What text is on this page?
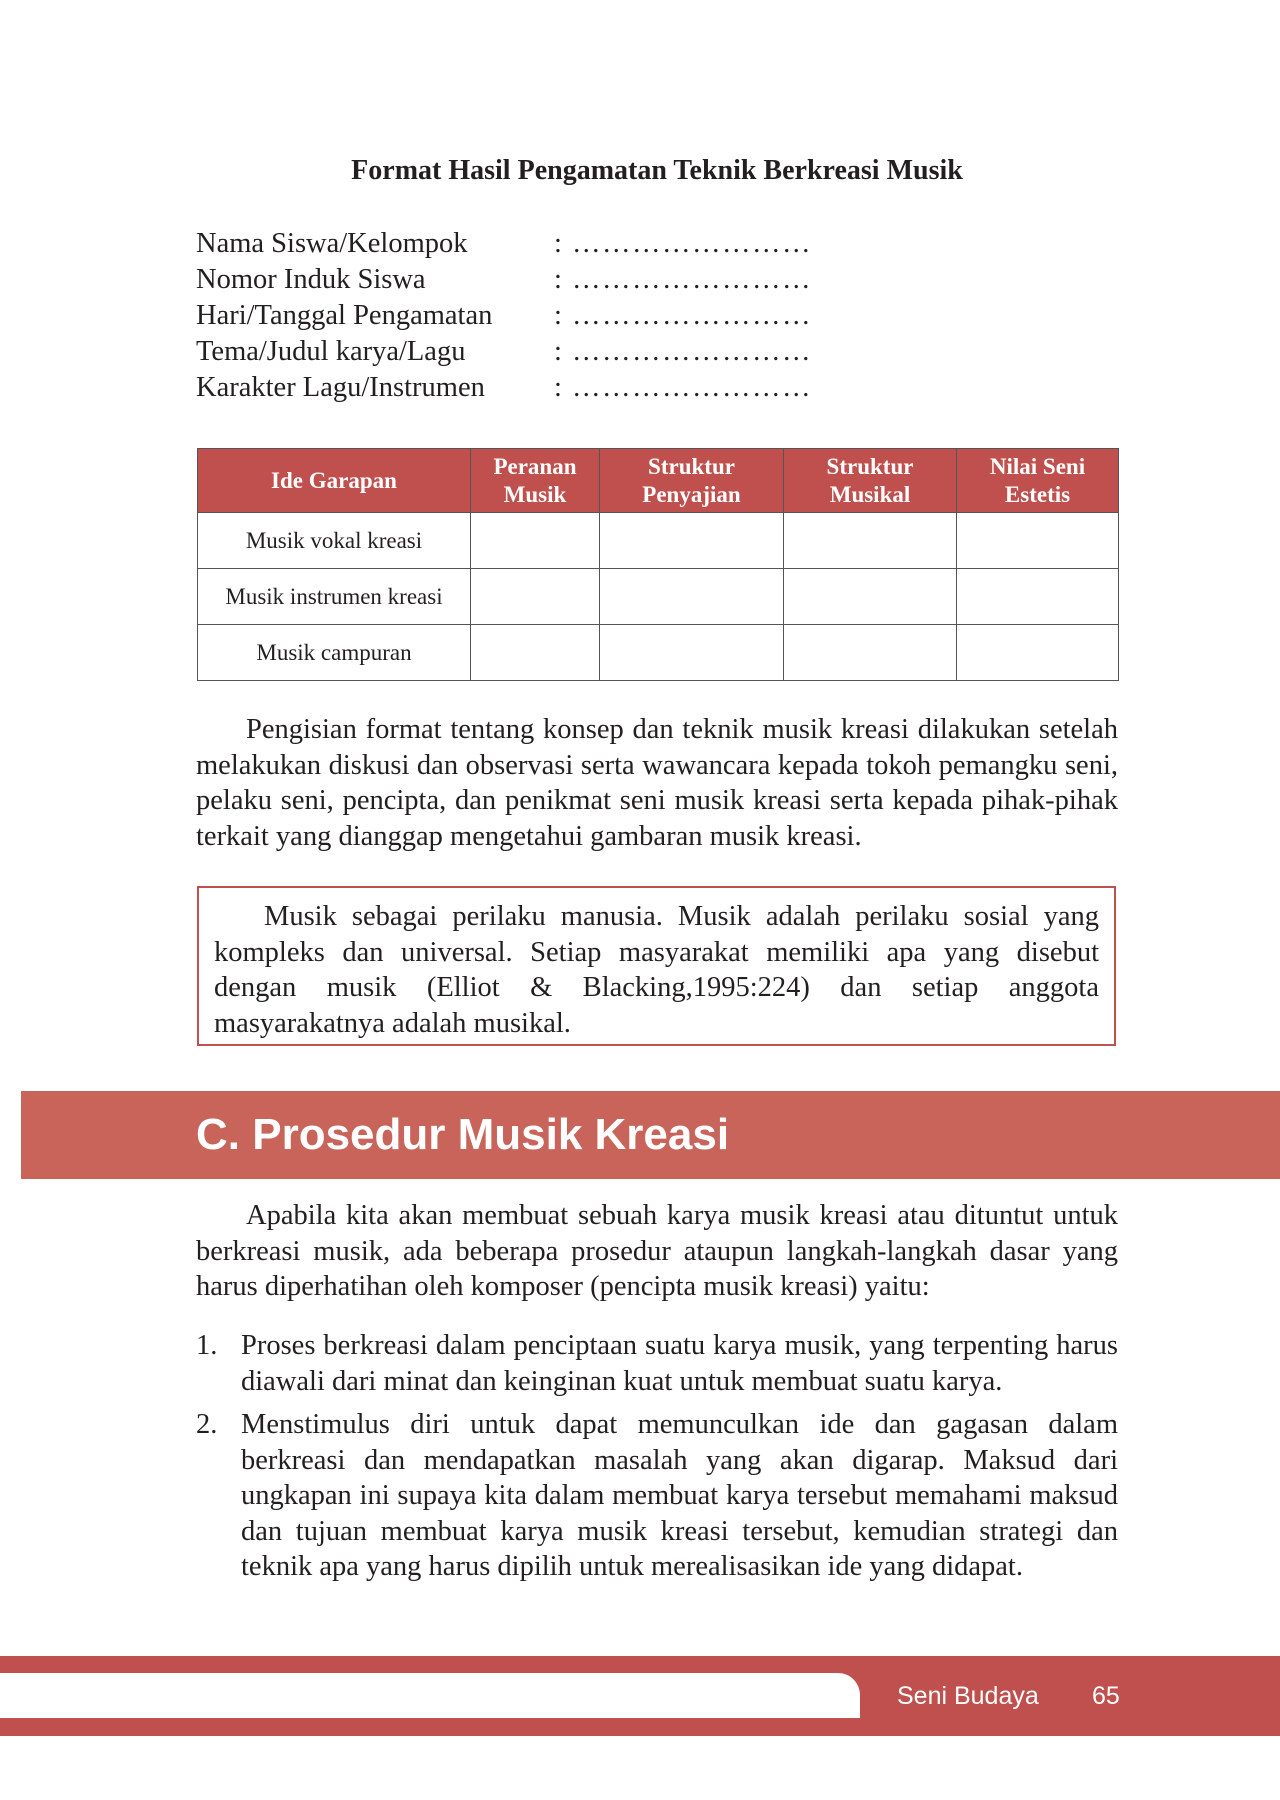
Format Hasil Pengamatan Teknik Berkreasi Musik
Nama Siswa/Kelompok	: ……………………
Nomor Induk Siswa	: ……………………
Hari/Tanggal Pengamatan	: ……………………
Tema/Judul karya/Lagu	: ……………………
Karakter Lagu/Instrumen	: ……………………
Ide Garapan	Peranan Musik	Struktur Penyajian	Struktur Musikal	Nilai Seni Estetis
Musik vokal kreasi				
Musik instrumen kreasi				
Musik campuran				
Pengisian format tentang konsep dan teknik musik kreasi dilakukan setelah melakukan diskusi dan observasi serta wawancara kepada tokoh pemangku seni, pelaku seni, pencipta, dan penikmat seni musik kreasi serta kepada pihak-pihak terkait yang dianggap mengetahui gambaran musik kreasi.
Musik sebagai perilaku manusia. Musik adalah perilaku sosial yang kompleks dan universal. Setiap masyarakat memiliki apa yang disebut dengan musik (Elliot & Blacking,1995:224) dan setiap anggota masyarakatnya adalah musikal.
C. Prosedur Musik Kreasi
Apabila kita akan membuat sebuah karya musik kreasi atau dituntut untuk berkreasi musik, ada beberapa prosedur ataupun langkah-langkah dasar yang harus diperhatihan oleh komposer (pencipta musik kreasi) yaitu:
1. Proses berkreasi dalam penciptaan suatu karya musik, yang terpenting harus diawali dari minat dan keinginan kuat untuk membuat suatu karya.
2. Menstimulus diri untuk dapat memunculkan ide dan gagasan dalam berkreasi dan mendapatkan masalah yang akan digarap. Maksud dari ungkapan ini supaya kita dalam membuat karya tersebut memahami maksud dan tujuan membuat karya musik kreasi tersebut, kemudian strategi dan teknik apa yang harus dipilih untuk merealisasikan ide yang didapat.
Seni Budaya 65
